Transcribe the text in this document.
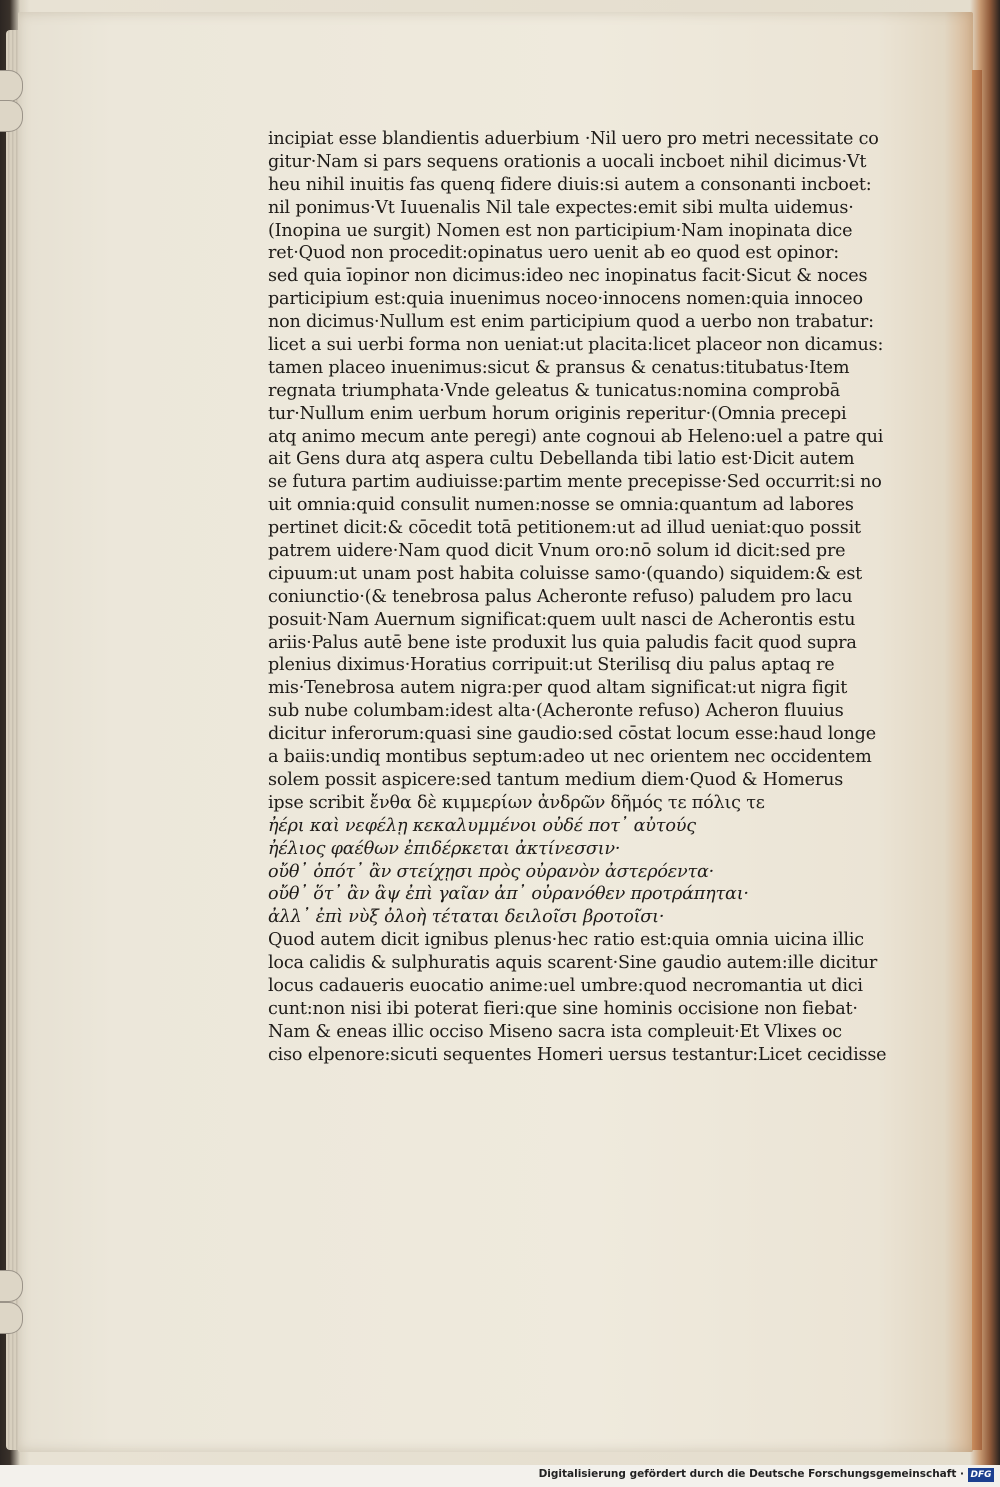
incipiat esse blandientis aduerbium ·Nil uero pro metri necessitate co
gitur·Nam si pars sequens orationis a uocali incboet nihil dicimus·Vt
heu nihil inuitis fas quenq fidere diuis:si autem a consonanti incboet:
nil ponimus·Vt Iuuenalis Nil tale expectes:emit sibi multa uidemus·
(Inopina ue surgit) Nomen est non participium·Nam inopinata dice
ret·Quod non procedit:opinatus uero uenit ab eo quod est opinor:
sed quia īopinor non dicimus:ideo nec inopinatus facit·Sicut & noces
participium est:quia inuenimus noceo·innocens nomen:quia innoceo
non dicimus·Nullum est enim participium quod a uerbo non trabatur:
licet a sui uerbi forma non ueniat:ut placita:licet placeor non dicamus:
tamen placeo inuenimus:sicut & pransus & cenatus:titubatus·Item
regnata triumphata·Vnde geleatus & tunicatus:nomina comprobā
tur·Nullum enim uerbum horum originis reperitur·(Omnia precepi
atq animo mecum ante peregi) ante cognoui ab Heleno:uel a patre qui
ait Gens dura atq aspera cultu Debellanda tibi latio est·Dicit autem
se futura partim audiuisse:partim mente precepisse·Sed occurrit:si no
uit omnia:quid consulit numen:nosse se omnia:quantum ad labores
pertinet dicit:& cōcedit totā petitionem:ut ad illud ueniat:quo possit
patrem uidere·Nam quod dicit Vnum oro:nō solum id dicit:sed pre
cipuum:ut unam post habita coluisse samo·(quando) siquidem:& est
coniunctio·(& tenebrosa palus Acheronte refuso) paludem pro lacu
posuit·Nam Auernum significat:quem uult nasci de Acherontis estu
ariis·Palus autē bene iste produxit lus quia paludis facit quod supra
plenius diximus·Horatius corripuit:ut Sterilisq diu palus aptaq re
mis·Tenebrosa autem nigra:per quod altam significat:ut nigra figit
sub nube columbam:idest alta·(Acheronte refuso) Acheron fluuius
dicitur inferorum:quasi sine gaudio:sed cōstat locum esse:haud longe
a baiis:undiq montibus septum:adeo ut nec orientem nec occidentem
solem possit aspicere:sed tantum medium diem·Quod & Homerus
ipse scribit ἔνθα δὲ κιμμερίων ἀνδρῶν δῆμός τε πόλις τε
ἠέρι καὶ νεφέλῃ κεκαλυμμένοι οὐδέ ποτ᾽ αὐτούς
ἠέλιος φαέθων ἐπιδέρκεται ἀκτίνεσσιν·
οὔθ᾽ ὁπότ᾽ ἂν στείχῃσι πρὸς οὐρανὸν ἀστερόεντα·
οὔθ᾽ ὅτ᾽ ἂν ἂψ ἐπὶ γαῖαν ἀπ᾽ οὐρανόθεν προτράπηται·
ἀλλ᾽ ἐπὶ νὺξ ὀλοὴ τέταται δειλοῖσι βροτοῖσι·
Quod autem dicit ignibus plenus·hec ratio est:quia omnia uicina illic
loca calidis & sulphuratis aquis scarent·Sine gaudio autem:ille dicitur
locus cadaueris euocatio anime:uel umbre:quod necromantia ut dici
cunt:non nisi ibi poterat fieri:que sine hominis occisione non fiebat·
Nam & eneas illic occiso Miseno sacra ista compleuit·Et Vlixes oc
ciso elpenore:sicuti sequentes Homeri uersus testantur:Licet cecidisse
Digitalisierung gefördert durch die Deutsche Forschungsgemeinschaft · DFG
